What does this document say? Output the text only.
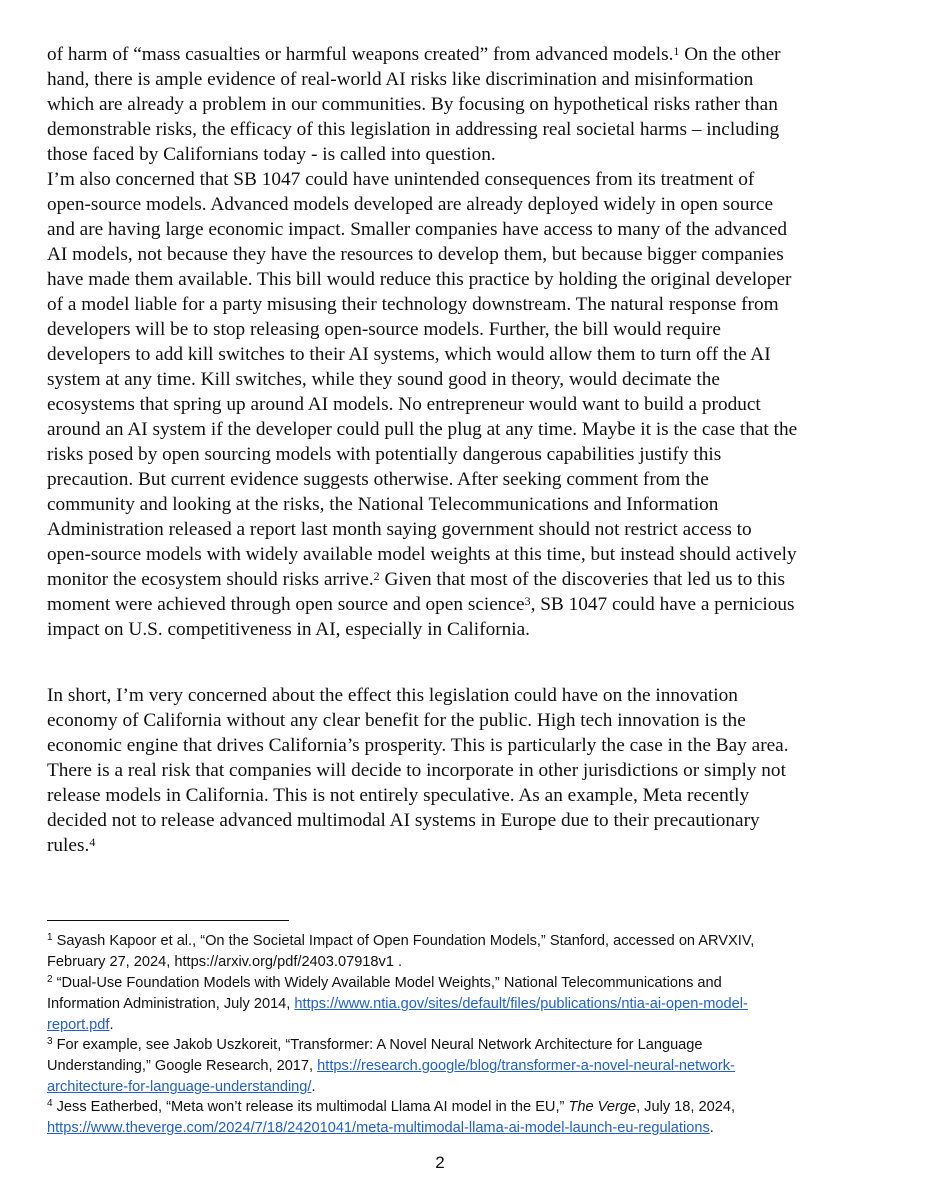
of harm of “mass casualties or harmful weapons created” from advanced models.$^1$ On the other
hand, there is ample evidence of real-world AI risks like discrimination and misinformation
which are already a problem in our communities. By focusing on hypothetical risks rather than
demonstrable risks, the efficacy of this legislation in addressing real societal harms – including
those faced by Californians today - is called into question.
I’m also concerned that SB 1047 could have unintended consequences from its treatment of
open-source models. Advanced models developed are already deployed widely in open source
and are having large economic impact. Smaller companies have access to many of the advanced
AI models, not because they have the resources to develop them, but because bigger companies
have made them available. This bill would reduce this practice by holding the original developer
of a model liable for a party misusing their technology downstream. The natural response from
developers will be to stop releasing open-source models. Further, the bill would require
developers to add kill switches to their AI systems, which would allow them to turn off the AI
system at any time. Kill switches, while they sound good in theory, would decimate the
ecosystems that spring up around AI models. No entrepreneur would want to build a product
around an AI system if the developer could pull the plug at any time. Maybe it is the case that the
risks posed by open sourcing models with potentially dangerous capabilities justify this
precaution. But current evidence suggests otherwise. After seeking comment from the
community and looking at the risks, the National Telecommunications and Information
Administration released a report last month saying government should not restrict access to
open-source models with widely available model weights at this time, but instead should actively
monitor the ecosystem should risks arrive.$^2$ Given that most of the discoveries that led us to this
moment were achieved through open source and open science$^3$, SB 1047 could have a pernicious
impact on U.S. competitiveness in AI, especially in California.
In short, I’m very concerned about the effect this legislation could have on the innovation
economy of California without any clear benefit for the public. High tech innovation is the
economic engine that drives California’s prosperity. This is particularly the case in the Bay area.
There is a real risk that companies will decide to incorporate in other jurisdictions or simply not
release models in California. This is not entirely speculative. As an example, Meta recently
decided not to release advanced multimodal AI systems in Europe due to their precautionary
rules.$^4$
$^1$ Sayash Kapoor et al., “On the Societal Impact of Open Foundation Models,” Stanford, accessed on ARVXIV,
February 27, 2024, https://arxiv.org/pdf/2403.07918v1 .
$^2$ “Dual-Use Foundation Models with Widely Available Model Weights,” National Telecommunications and
Information Administration, July 2014, https://www.ntia.gov/sites/default/files/publications/ntia-ai-open-model-
report.pdf.
$^3$ For example, see Jakob Uszkoreit, “Transformer: A Novel Neural Network Architecture for Language
Understanding,” Google Research, 2017, https://research.google/blog/transformer-a-novel-neural-network-
architecture-for-language-understanding/.
$^4$ Jess Eatherbed, “Meta won’t release its multimodal Llama AI model in the EU,” The Verge, July 18, 2024,
https://www.theverge.com/2024/7/18/24201041/meta-multimodal-llama-ai-model-launch-eu-regulations.
2
